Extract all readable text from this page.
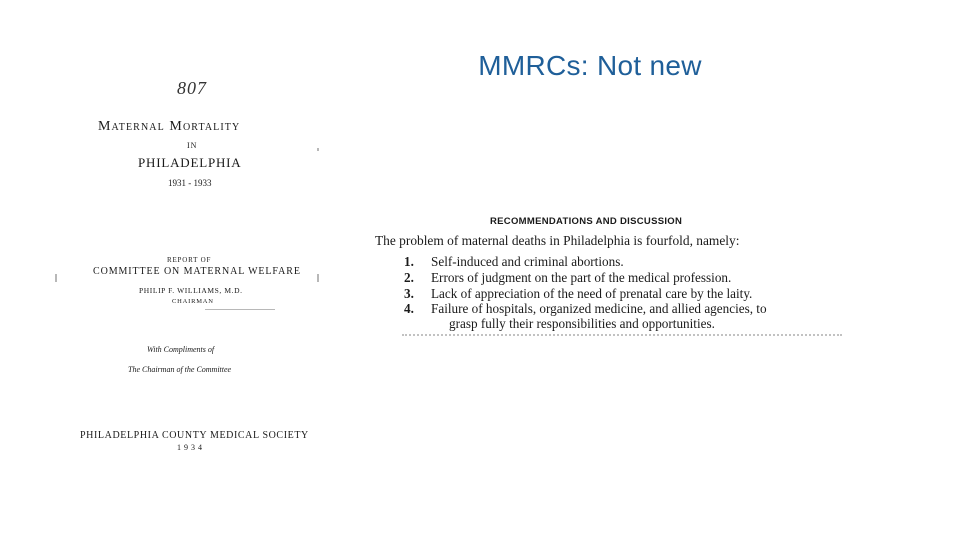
MMRCs: Not new
807
Maternal Mortality
IN
PHILADELPHIA
1931 - 1933
REPORT OF
COMMITTEE ON MATERNAL WELFARE
PHILIP F. WILLIAMS, M.D.
CHAIRMAN
With Compliments of
The Chairman of the Committee
PHILADELPHIA COUNTY MEDICAL SOCIETY
1934
RECOMMENDATIONS AND DISCUSSION
The problem of maternal deaths in Philadelphia is fourfold, namely:
1. Self-induced and criminal abortions.
2. Errors of judgment on the part of the medical profession.
3. Lack of appreciation of the need of prenatal care by the laity.
4. Failure of hospitals, organized medicine, and allied agencies, to
grasp fully their responsibilities and opportunities.
